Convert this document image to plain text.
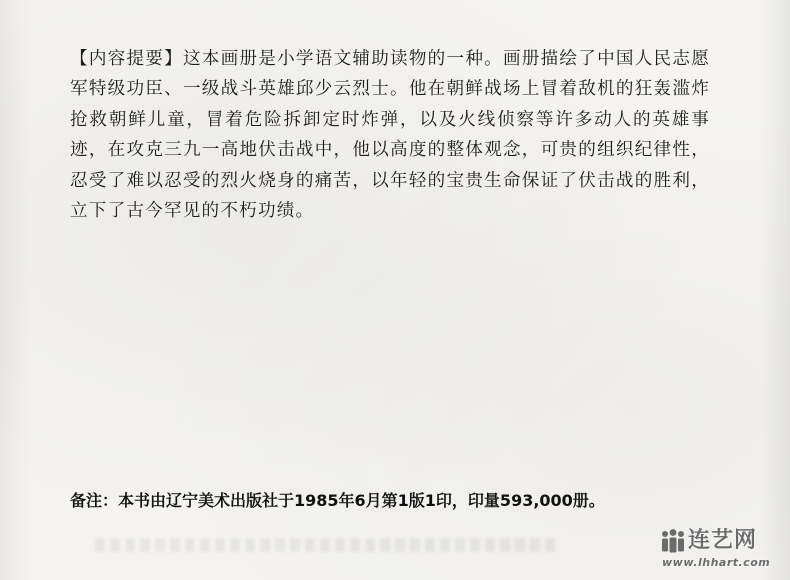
【内容提要】这本画册是小学语文辅助读物的一种。画册描绘了中国人民志愿军特级功臣、一级战斗英雄邱少云烈士。他在朝鲜战场上冒着敌机的狂轰滥炸抢救朝鲜儿童，冒着危险拆卸定时炸弹，以及火线侦察等许多动人的英雄事迹，在攻克三九一高地伏击战中，他以高度的整体观念，可贵的组织纪律性，忍受了难以忍受的烈火烧身的痛苦，以年轻的宝贵生命保证了伏击战的胜利，立下了古今罕见的不朽功绩。

备注：本书由辽宁美术出版社于1985年6月第1版1印，印量593,000册。

连艺网
www.lhhart.com
